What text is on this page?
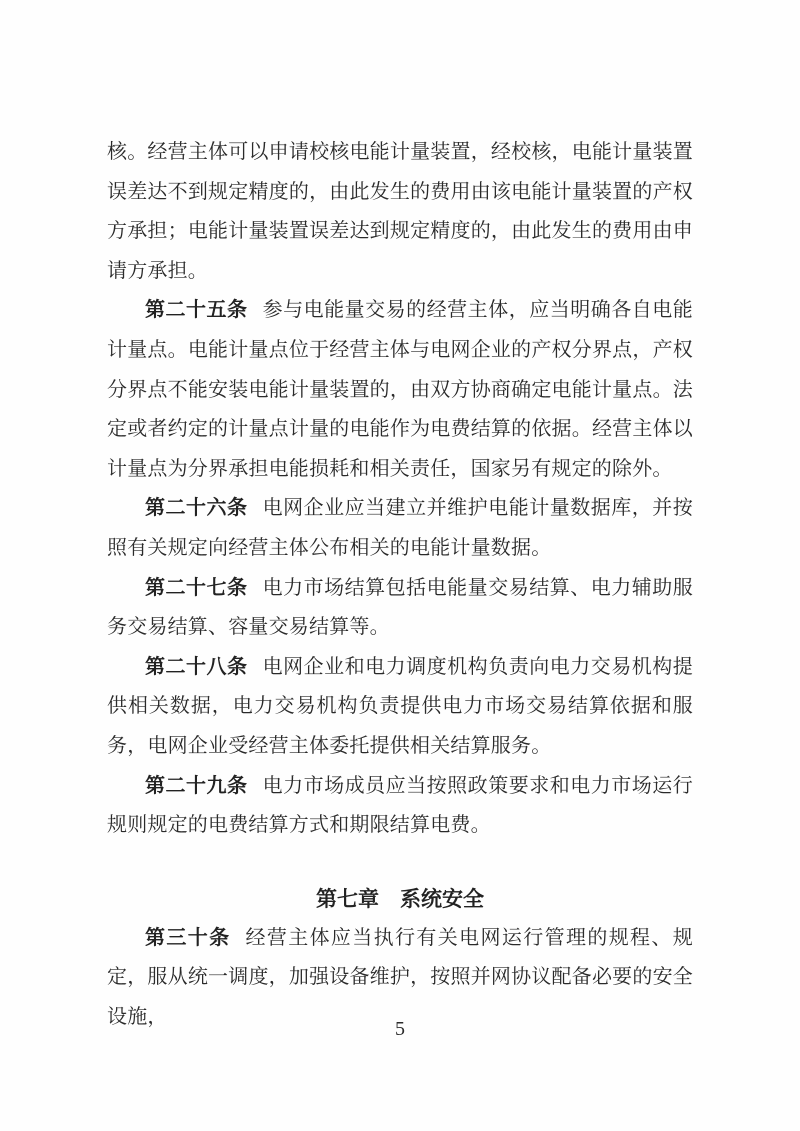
核。经营主体可以申请校核电能计量装置，经校核，电能计量装置误差达不到规定精度的，由此发生的费用由该电能计量装置的产权方承担；电能计量装置误差达到规定精度的，由此发生的费用由申请方承担。

第二十五条 参与电能量交易的经营主体，应当明确各自电能计量点。电能计量点位于经营主体与电网企业的产权分界点，产权分界点不能安装电能计量装置的，由双方协商确定电能计量点。法定或者约定的计量点计量的电能作为电费结算的依据。经营主体以计量点为分界承担电能损耗和相关责任，国家另有规定的除外。

第二十六条 电网企业应当建立并维护电能计量数据库，并按照有关规定向经营主体公布相关的电能计量数据。

第二十七条 电力市场结算包括电能量交易结算、电力辅助服务交易结算、容量交易结算等。

第二十八条 电网企业和电力调度机构负责向电力交易机构提供相关数据，电力交易机构负责提供电力市场交易结算依据和服务，电网企业受经营主体委托提供相关结算服务。

第二十九条 电力市场成员应当按照政策要求和电力市场运行规则规定的电费结算方式和期限结算电费。

第七章　系统安全

第三十条 经营主体应当执行有关电网运行管理的规程、规定，服从统一调度，加强设备维护，按照并网协议配备必要的安全设施，

5
